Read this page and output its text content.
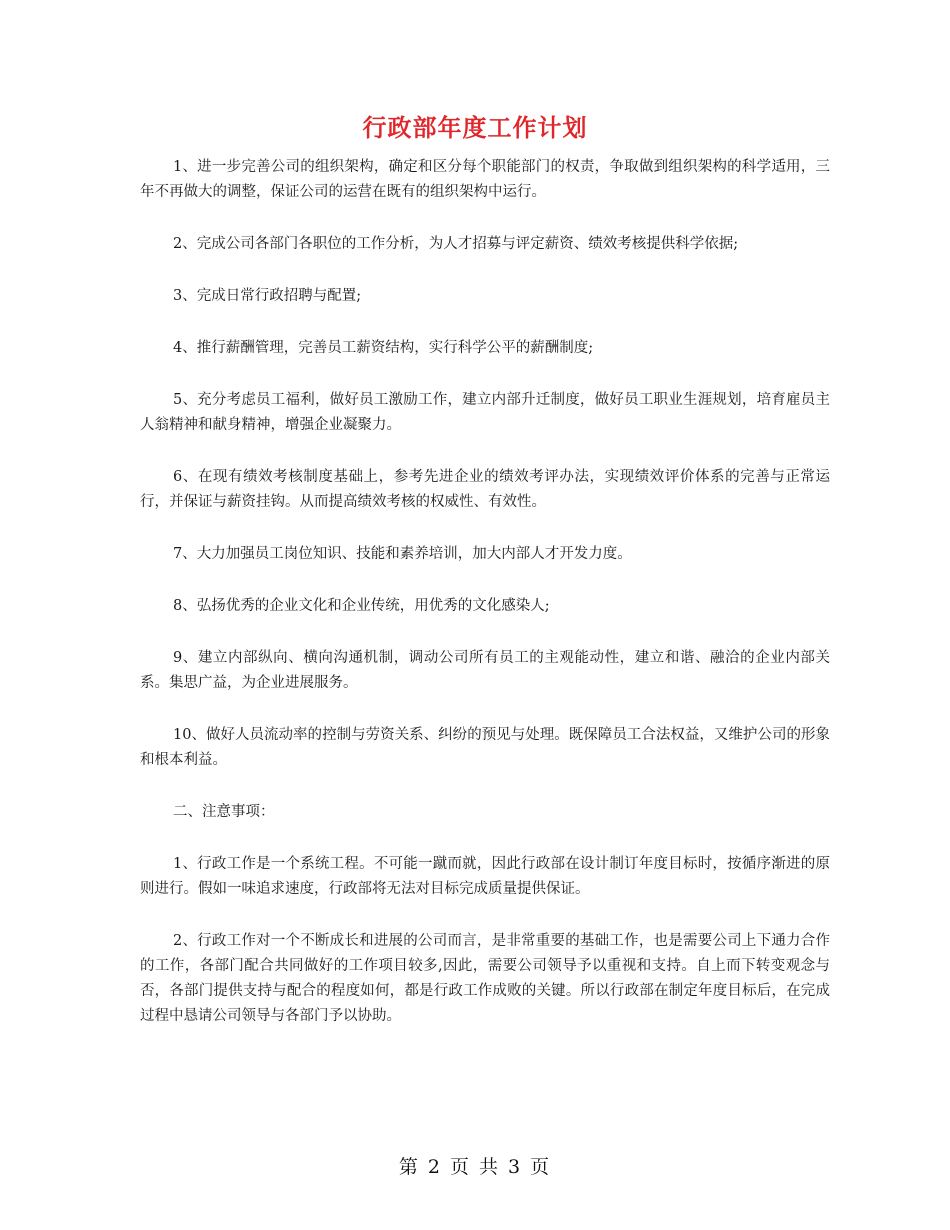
行政部年度工作计划

1、进一步完善公司的组织架构，确定和区分每个职能部门的权责，争取做到组织架构的科学适用，三年不再做大的调整，保证公司的运营在既有的组织架构中运行。

2、完成公司各部门各职位的工作分析，为人才招募与评定薪资、绩效考核提供科学依据;

3、完成日常行政招聘与配置;

4、推行薪酬管理，完善员工薪资结构，实行科学公平的薪酬制度;

5、充分考虑员工福利，做好员工激励工作，建立内部升迁制度，做好员工职业生涯规划，培育雇员主人翁精神和献身精神，增强企业凝聚力。

6、在现有绩效考核制度基础上，参考先进企业的绩效考评办法，实现绩效评价体系的完善与正常运行，并保证与薪资挂钩。从而提高绩效考核的权威性、有效性。

7、大力加强员工岗位知识、技能和素养培训，加大内部人才开发力度。

8、弘扬优秀的企业文化和企业传统，用优秀的文化感染人;

9、建立内部纵向、横向沟通机制，调动公司所有员工的主观能动性，建立和谐、融洽的企业内部关系。集思广益，为企业进展服务。

10、做好人员流动率的控制与劳资关系、纠纷的预见与处理。既保障员工合法权益，又维护公司的形象和根本利益。

二、注意事项：

1、行政工作是一个系统工程。不可能一蹴而就，因此行政部在设计制订年度目标时，按循序渐进的原则进行。假如一味追求速度，行政部将无法对目标完成质量提供保证。

2、行政工作对一个不断成长和进展的公司而言，是非常重要的基础工作，也是需要公司上下通力合作的工作，各部门配合共同做好的工作项目较多,因此，需要公司领导予以重视和支持。自上而下转变观念与否，各部门提供支持与配合的程度如何，都是行政工作成败的关键。所以行政部在制定年度目标后，在完成过程中恳请公司领导与各部门予以协助。

第 2 页 共 3 页
